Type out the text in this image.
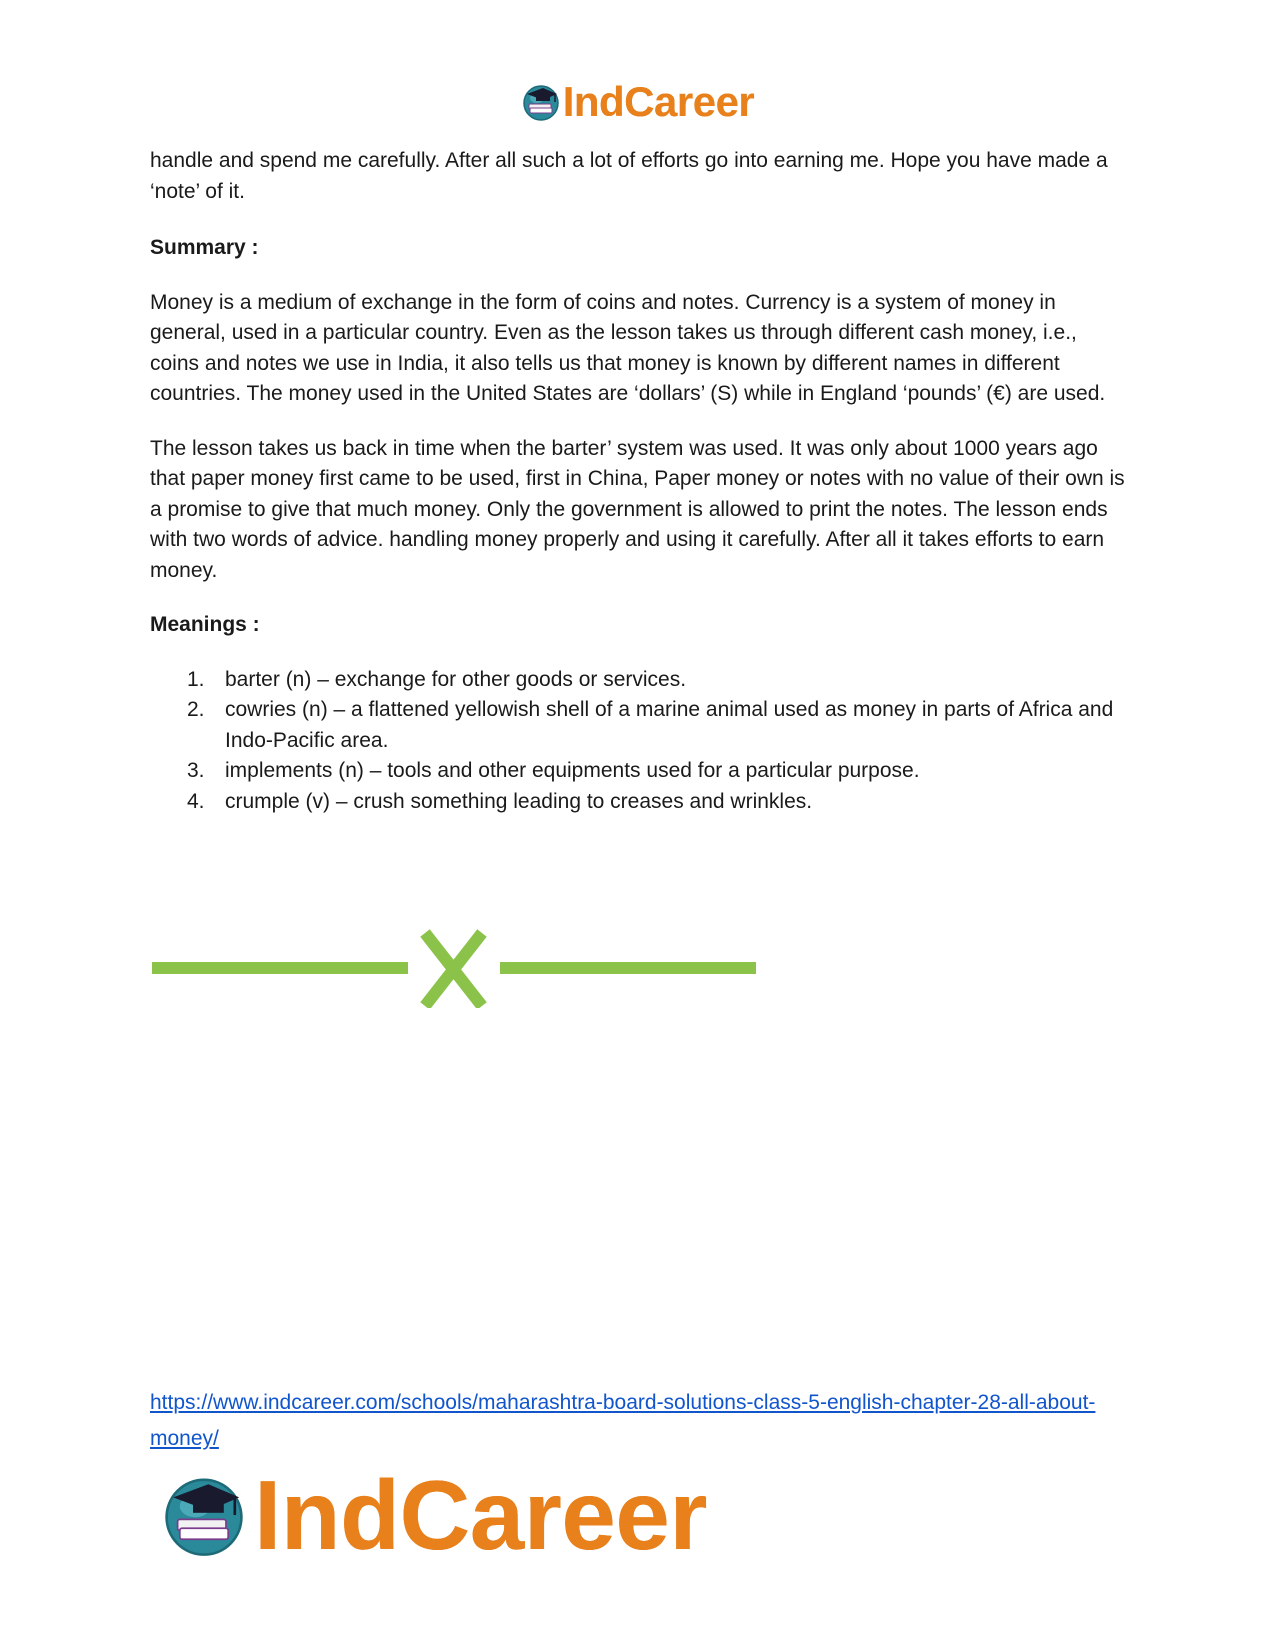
IndCareer

handle and spend me carefully. After all such a lot of efforts go into earning me. Hope you have made a ‘note’ of it.

Summary :

Money is a medium of exchange in the form of coins and notes. Currency is a system of money in general, used in a particular country. Even as the lesson takes us through different cash money, i.e., coins and notes we use in India, it also tells us that money is known by different names in different countries. The money used in the United States are ‘dollars’ (S) while in England ‘pounds’ (€) are used.

The lesson takes us back in time when the barter’ system was used. It was only about 1000 years ago that paper money first came to be used, first in China, Paper money or notes with no value of their own is a promise to give that much money. Only the government is allowed to print the notes. The lesson ends with two words of advice. handling money properly and using it carefully. After all it takes efforts to earn money.

Meanings :
1. barter (n) – exchange for other goods or services.
2. cowries (n) – a flattened yellowish shell of a marine animal used as money in parts of Africa and Indo-Pacific area.
3. implements (n) – tools and other equipments used for a particular purpose.
4. crumple (v) – crush something leading to creases and wrinkles.
https://www.indcareer.com/schools/maharashtra-board-solutions-class-5-english-chapter-28-all-about-money/
IndCareer
